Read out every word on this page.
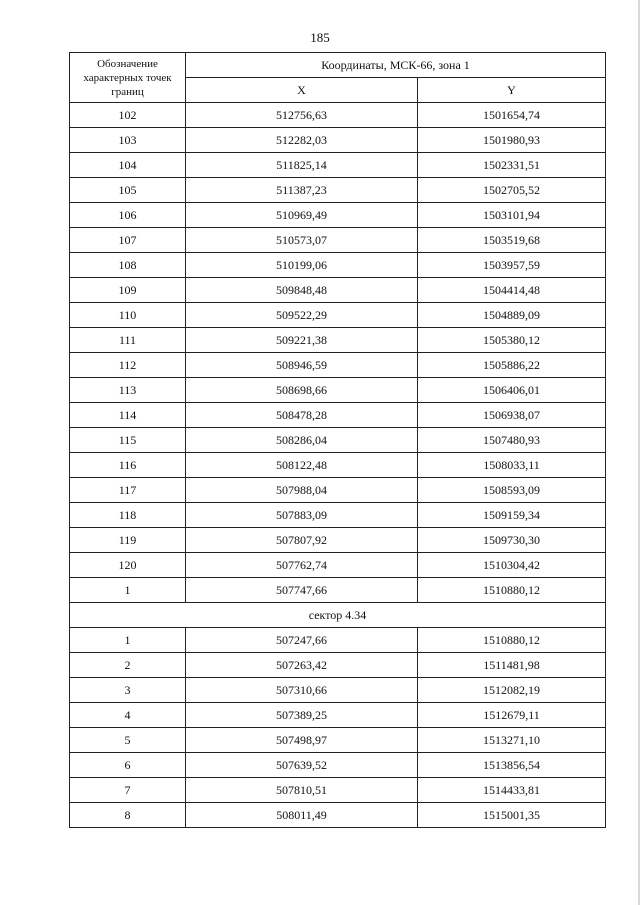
185
Обозначение характерных точек границ	Координаты, МСК-66, зона 1	
	X	Y
102	512756,63	1501654,74
103	512282,03	1501980,93
104	511825,14	1502331,51
105	511387,23	1502705,52
106	510969,49	1503101,94
107	510573,07	1503519,68
108	510199,06	1503957,59
109	509848,48	1504414,48
110	509522,29	1504889,09
111	509221,38	1505380,12
112	508946,59	1505886,22
113	508698,66	1506406,01
114	508478,28	1506938,07
115	508286,04	1507480,93
116	508122,48	1508033,11
117	507988,04	1508593,09
118	507883,09	1509159,34
119	507807,92	1509730,30
120	507762,74	1510304,42
1	507747,66	1510880,12
сектор 4.34		
1	507247,66	1510880,12
2	507263,42	1511481,98
3	507310,66	1512082,19
4	507389,25	1512679,11
5	507498,97	1513271,10
6	507639,52	1513856,54
7	507810,51	1514433,81
8	508011,49	1515001,35
